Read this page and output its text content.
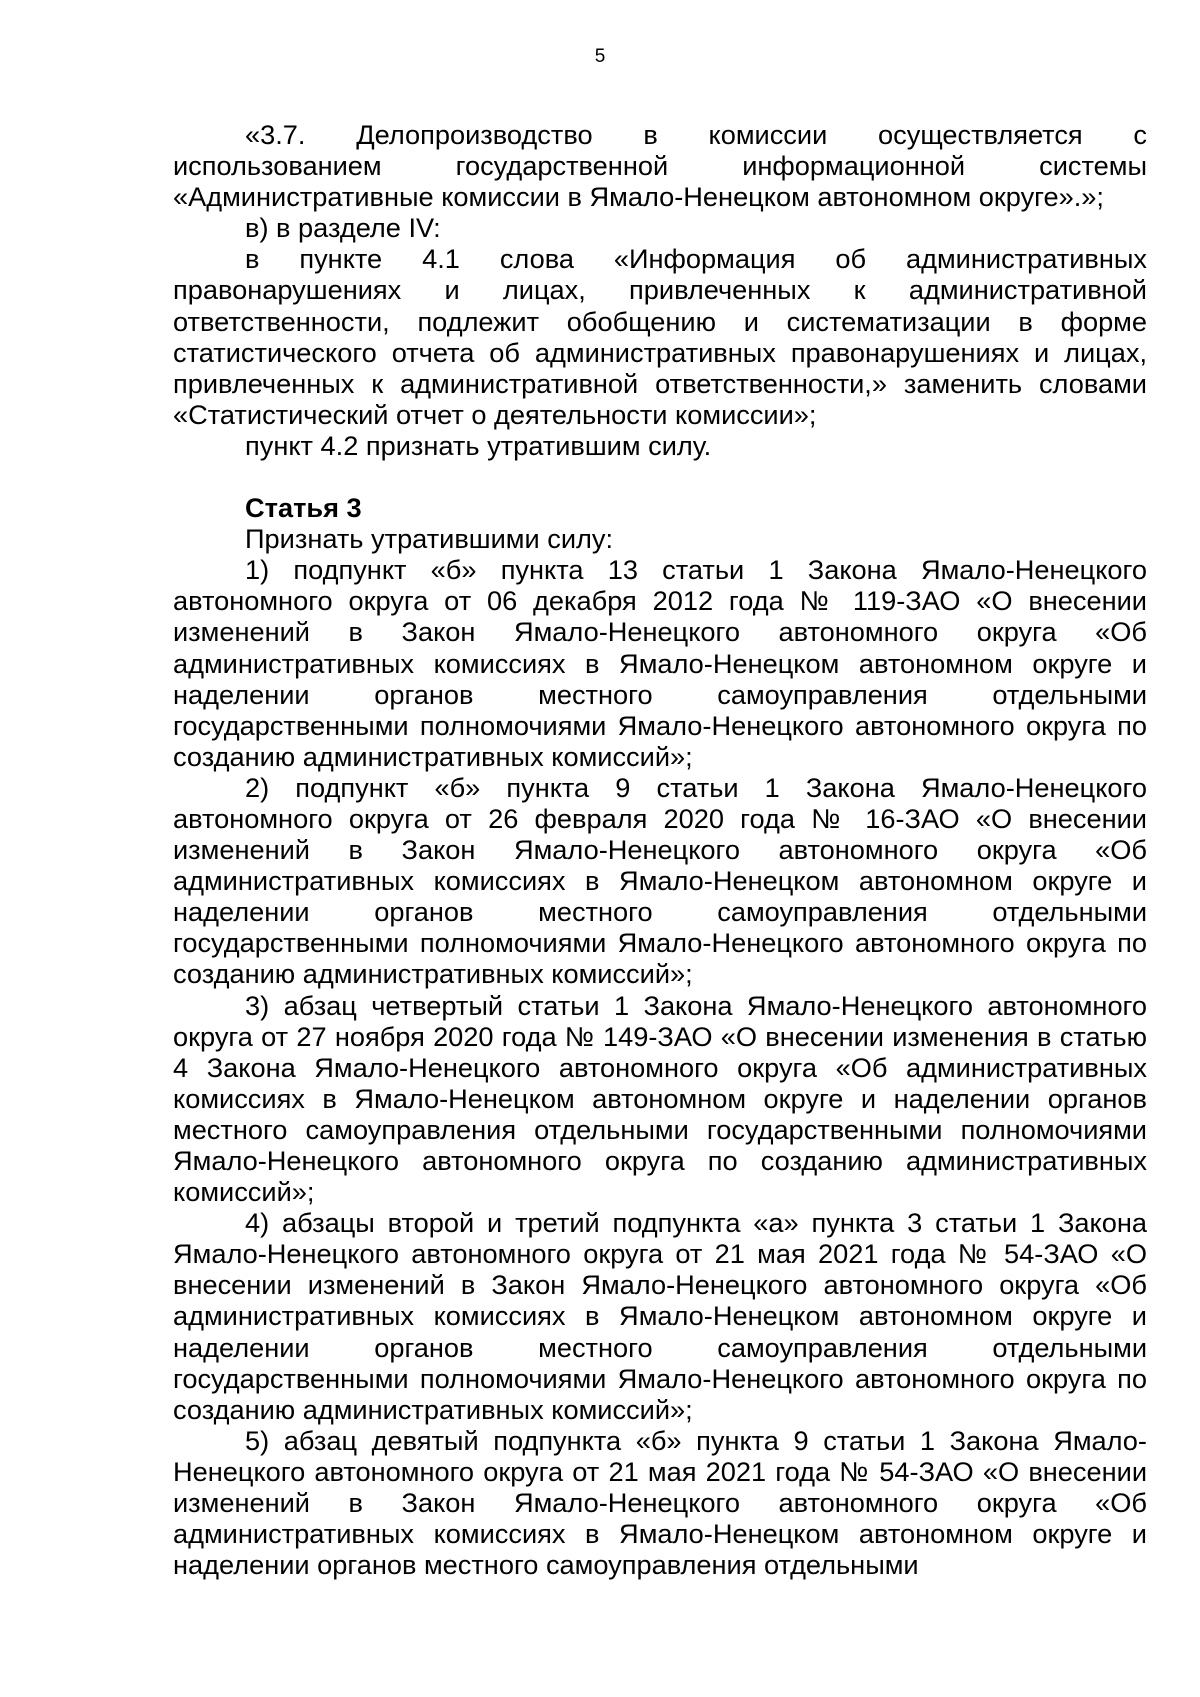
5

«3.7. Делопроизводство в комиссии осуществляется с использованием государственной информационной системы «Административные комиссии в Ямало-Ненецком автономном округе».»;

в) в разделе IV:

в пункте 4.1 слова «Информация об административных правонарушениях и лицах, привлеченных к административной ответственности, подлежит обобщению и систематизации в форме статистического отчета об административных правонарушениях и лицах, привлеченных к административной ответственности,» заменить словами «Статистический отчет о деятельности комиссии»;

пункт 4.2 признать утратившим силу.

Статья 3

Признать утратившими силу:

1) подпункт «б» пункта 13 статьи 1 Закона Ямало-Ненецкого автономного округа от 06 декабря 2012 года № 119-ЗАО «О внесении изменений в Закон Ямало-Ненецкого автономного округа «Об административных комиссиях в Ямало-Ненецком автономном округе и наделении органов местного самоуправления отдельными государственными полномочиями Ямало-Ненецкого автономного округа по созданию административных комиссий»;

2) подпункт «б» пункта 9 статьи 1 Закона Ямало-Ненецкого автономного округа от 26 февраля 2020 года № 16-ЗАО «О внесении изменений в Закон Ямало-Ненецкого автономного округа «Об административных комиссиях в Ямало-Ненецком автономном округе и наделении органов местного самоуправления отдельными государственными полномочиями Ямало-Ненецкого автономного округа по созданию административных комиссий»;

3) абзац четвертый статьи 1 Закона Ямало-Ненецкого автономного округа от 27 ноября 2020 года № 149-ЗАО «О внесении изменения в статью 4 Закона Ямало-Ненецкого автономного округа «Об административных комиссиях в Ямало-Ненецком автономном округе и наделении органов местного самоуправления отдельными государственными полномочиями Ямало-Ненецкого автономного округа по созданию административных комиссий»;

4) абзацы второй и третий подпункта «а» пункта 3 статьи 1 Закона Ямало-Ненецкого автономного округа от 21 мая 2021 года № 54-ЗАО «О внесении изменений в Закон Ямало-Ненецкого автономного округа «Об административных комиссиях в Ямало-Ненецком автономном округе и наделении органов местного самоуправления отдельными государственными полномочиями Ямало-Ненецкого автономного округа по созданию административных комиссий»;

5) абзац девятый подпункта «б» пункта 9 статьи 1 Закона Ямало-Ненецкого автономного округа от 21 мая 2021 года № 54-ЗАО «О внесении изменений в Закон Ямало-Ненецкого автономного округа «Об административных комиссиях в Ямало-Ненецком автономном округе и наделении органов местного самоуправления отдельными
